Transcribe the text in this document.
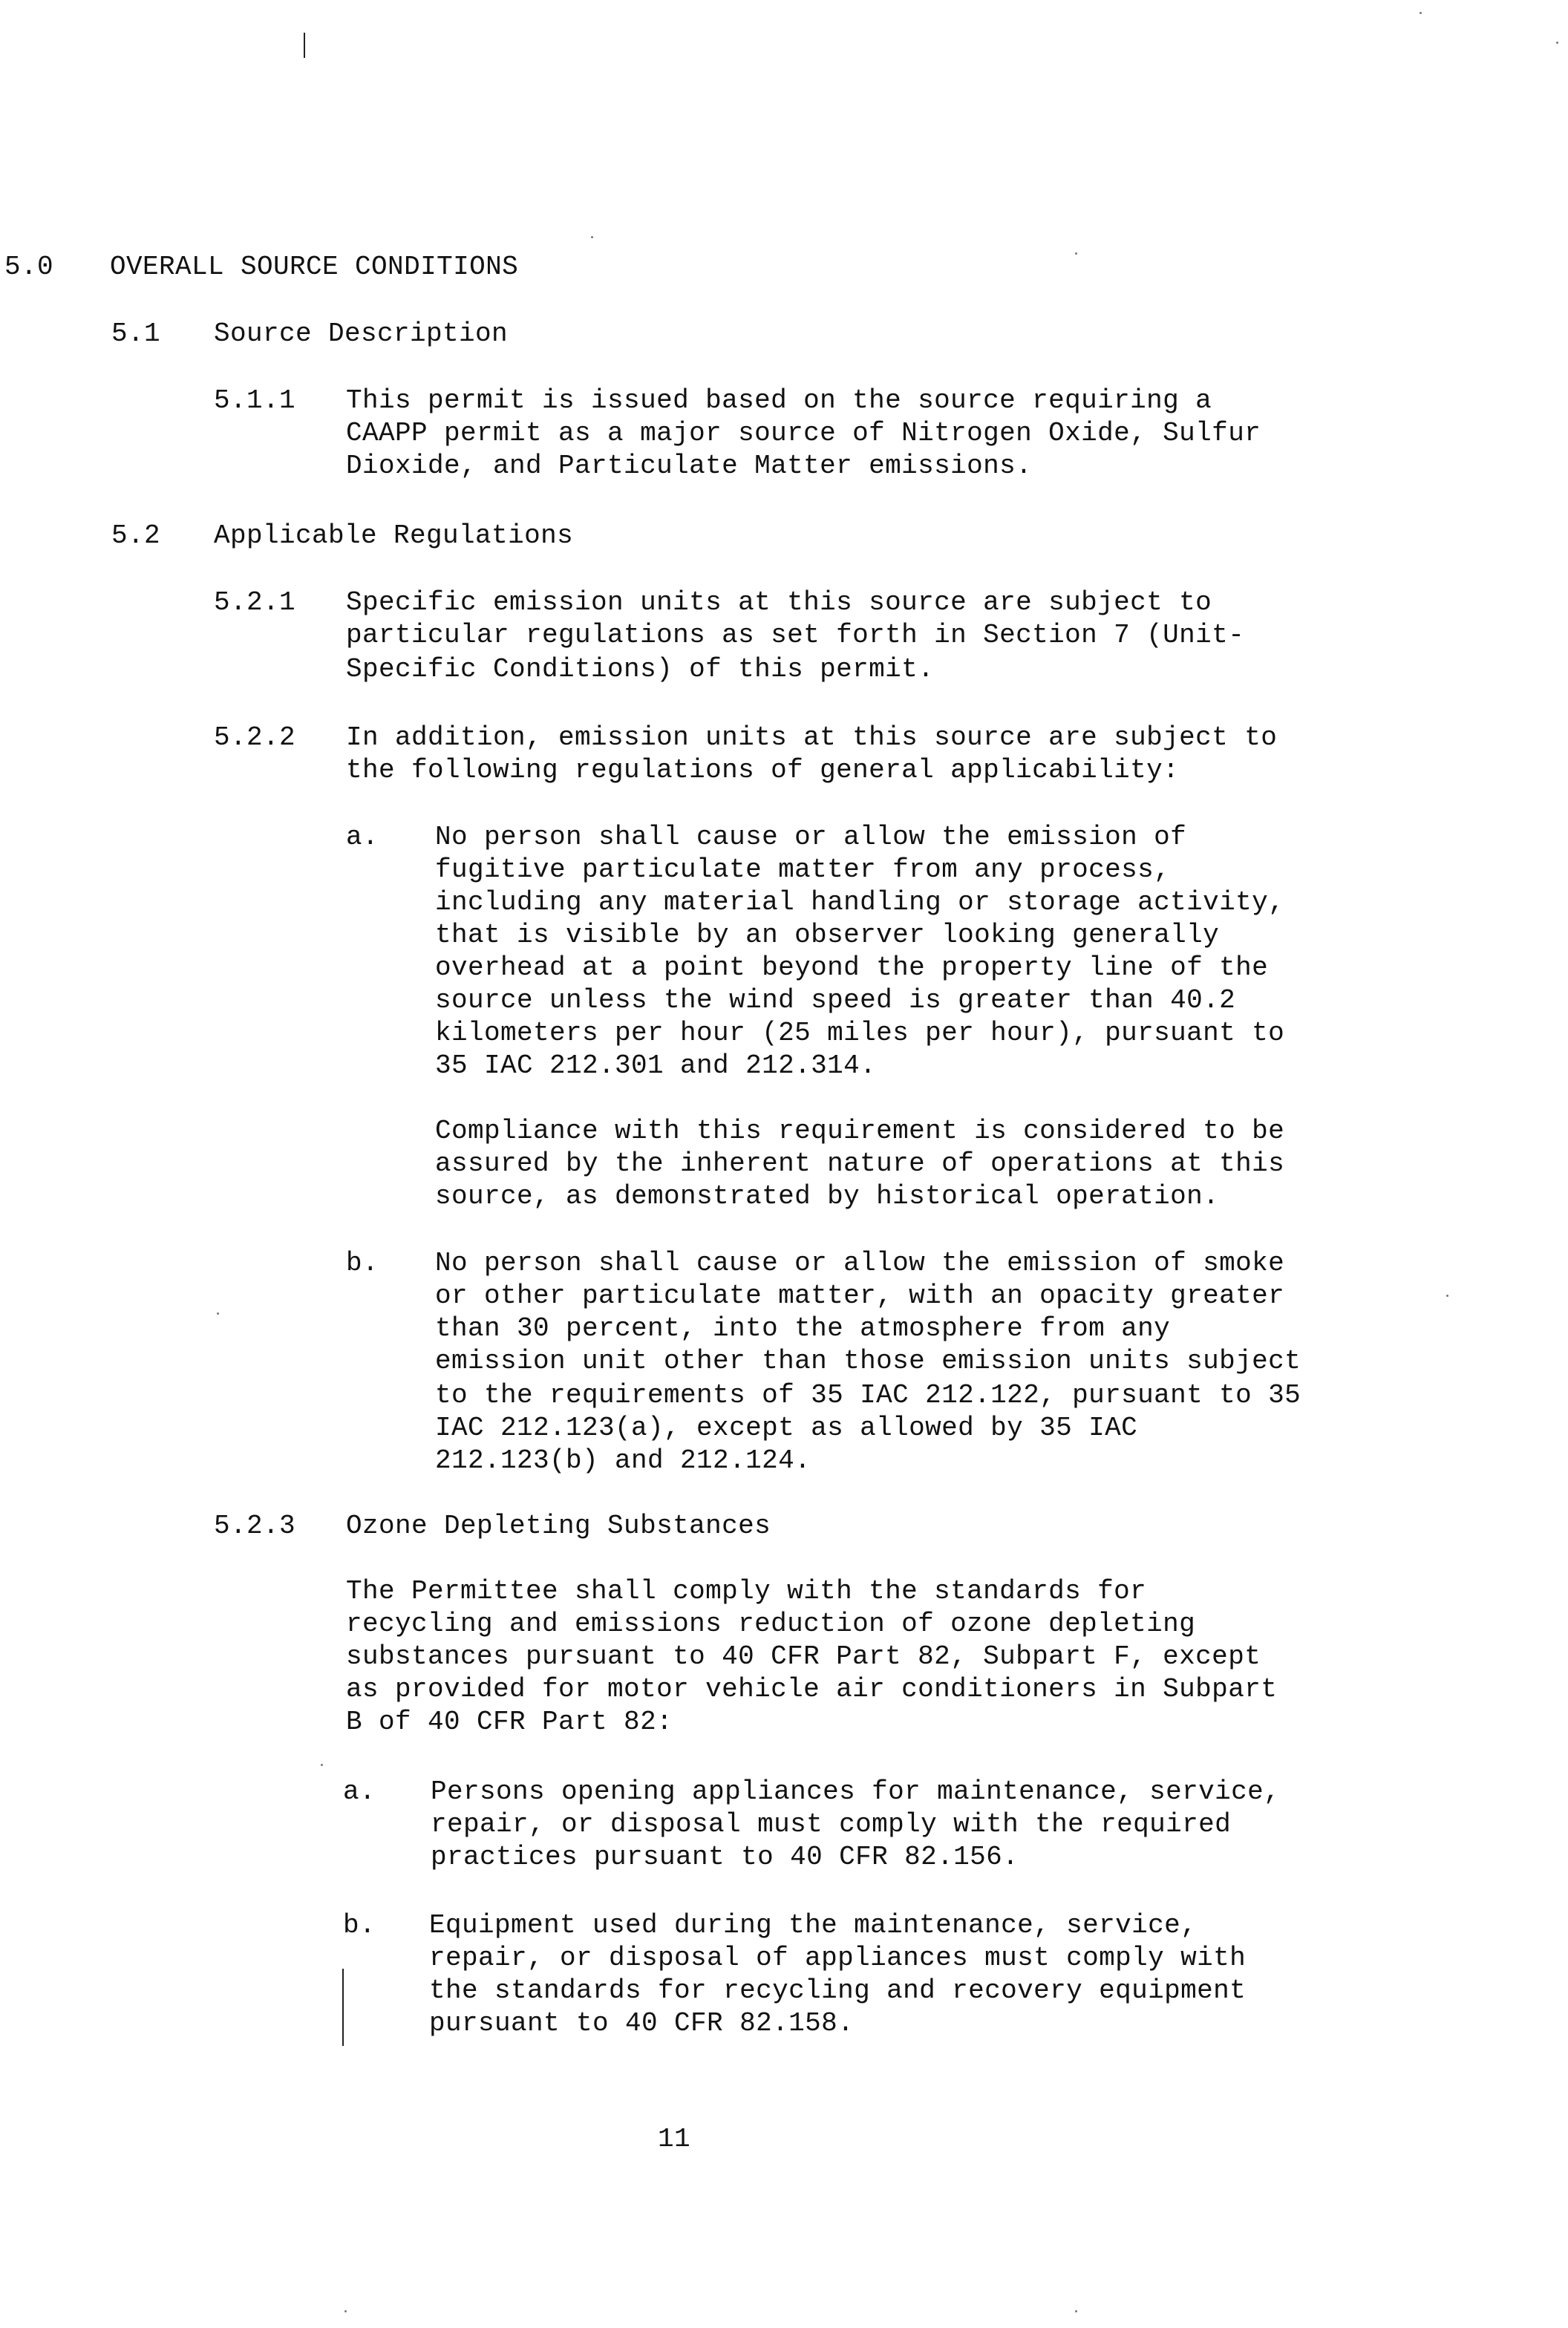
5.0 OVERALL SOURCE CONDITIONS
5.1 Source Description
5.1.1 This permit is issued based on the source requiring a
CAAPP permit as a major source of Nitrogen Oxide, Sulfur
Dioxide, and Particulate Matter emissions.
5.2 Applicable Regulations
5.2.1 Specific emission units at this source are subject to
particular regulations as set forth in Section 7 (Unit-
Specific Conditions) of this permit.
5.2.2 In addition, emission units at this source are subject to
the following regulations of general applicability:
a. No person shall cause or allow the emission of
fugitive particulate matter from any process,
including any material handling or storage activity,
that is visible by an observer looking generally
overhead at a point beyond the property line of the
source unless the wind speed is greater than 40.2
kilometers per hour (25 miles per hour), pursuant to
35 IAC 212.301 and 212.314.
Compliance with this requirement is considered to be
assured by the inherent nature of operations at this
source, as demonstrated by historical operation.
b. No person shall cause or allow the emission of smoke
or other particulate matter, with an opacity greater
than 30 percent, into the atmosphere from any
emission unit other than those emission units subject
to the requirements of 35 IAC 212.122, pursuant to 35
IAC 212.123(a), except as allowed by 35 IAC
212.123(b) and 212.124.
5.2.3 Ozone Depleting Substances
The Permittee shall comply with the standards for
recycling and emissions reduction of ozone depleting
substances pursuant to 40 CFR Part 82, Subpart F, except
as provided for motor vehicle air conditioners in Subpart
B of 40 CFR Part 82:
a. Persons opening appliances for maintenance, service,
repair, or disposal must comply with the required
practices pursuant to 40 CFR 82.156.
b. Equipment used during the maintenance, service,
repair, or disposal of appliances must comply with
the standards for recycling and recovery equipment
pursuant to 40 CFR 82.158.
11
